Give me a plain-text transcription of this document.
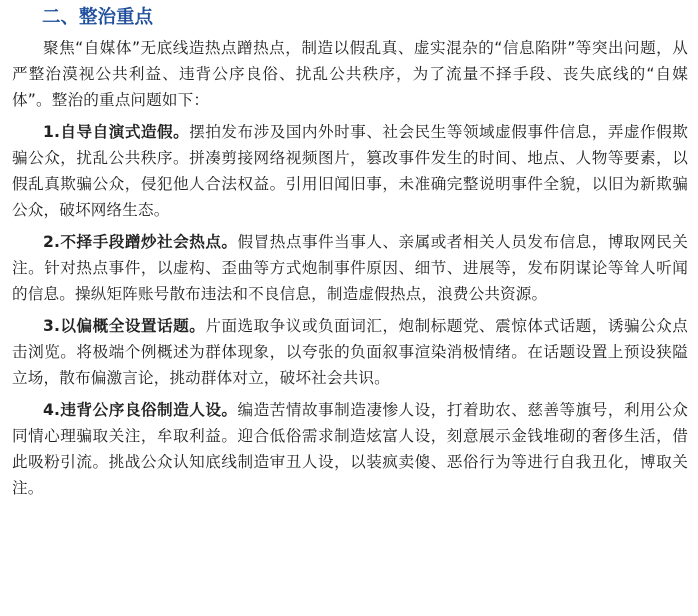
二、整治重点

聚焦“自媒体”无底线造热点蹭热点，制造以假乱真、虚实混杂的“信息陷阱”等突出问题，从严整治漠视公共利益、违背公序良俗、扰乱公共秩序，为了流量不择手段、丧失底线的“自媒体”。整治的重点问题如下：

1.自导自演式造假。摆拍发布涉及国内外时事、社会民生等领域虚假事件信息，弄虚作假欺骗公众，扰乱公共秩序。拼凑剪接网络视频图片，篡改事件发生的时间、地点、人物等要素，以假乱真欺骗公众，侵犯他人合法权益。引用旧闻旧事，未准确完整说明事件全貌，以旧为新欺骗公众，破坏网络生态。

2.不择手段蹭炒社会热点。假冒热点事件当事人、亲属或者相关人员发布信息，博取网民关注。针对热点事件，以虚构、歪曲等方式炮制事件原因、细节、进展等，发布阴谋论等耸人听闻的信息。操纵矩阵账号散布违法和不良信息，制造虚假热点，浪费公共资源。

3.以偏概全设置话题。片面选取争议或负面词汇，炮制标题党、震惊体式话题，诱骗公众点击浏览。将极端个例概述为群体现象，以夸张的负面叙事渲染消极情绪。在话题设置上预设狭隘立场，散布偏激言论，挑动群体对立，破坏社会共识。

4.违背公序良俗制造人设。编造苦情故事制造凄惨人设，打着助农、慈善等旗号，利用公众同情心理骗取关注，牟取利益。迎合低俗需求制造炫富人设，刻意展示金钱堆砌的奢侈生活，借此吸粉引流。挑战公众认知底线制造审丑人设，以装疯卖傻、恶俗行为等进行自我丑化，博取关注。
